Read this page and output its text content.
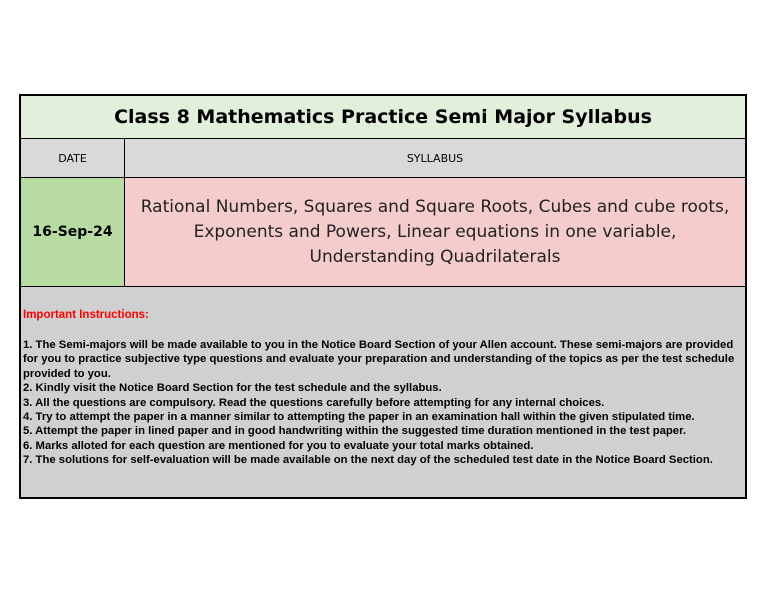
Class 8 Mathematics Practice Semi Major Syllabus
DATE	SYLLABUS
16-Sep-24
Rational Numbers, Squares and Square Roots, Cubes and cube roots, Exponents and Powers, Linear equations in one variable, Understanding Quadrilaterals
Important Instructions:
1. The Semi-majors will be made available to you in the Notice Board Section of your Allen account. These semi-majors are provided for you to practice subjective type questions and evaluate your preparation and understanding of the topics as per the test schedule provided to you.
2. Kindly visit the Notice Board Section for the test schedule and the syllabus.
3. All the questions are compulsory. Read the questions carefully before attempting for any internal choices.
4. Try to attempt the paper in a manner similar to attempting the paper in an examination hall within the given stipulated time.
5. Attempt the paper in lined paper and in good handwriting within the suggested time duration mentioned in the test paper.
6. Marks alloted for each question are mentioned for you to evaluate your total marks obtained.
7. The solutions for self-evaluation will be made available on the next day of the scheduled test date in the Notice Board Section.
